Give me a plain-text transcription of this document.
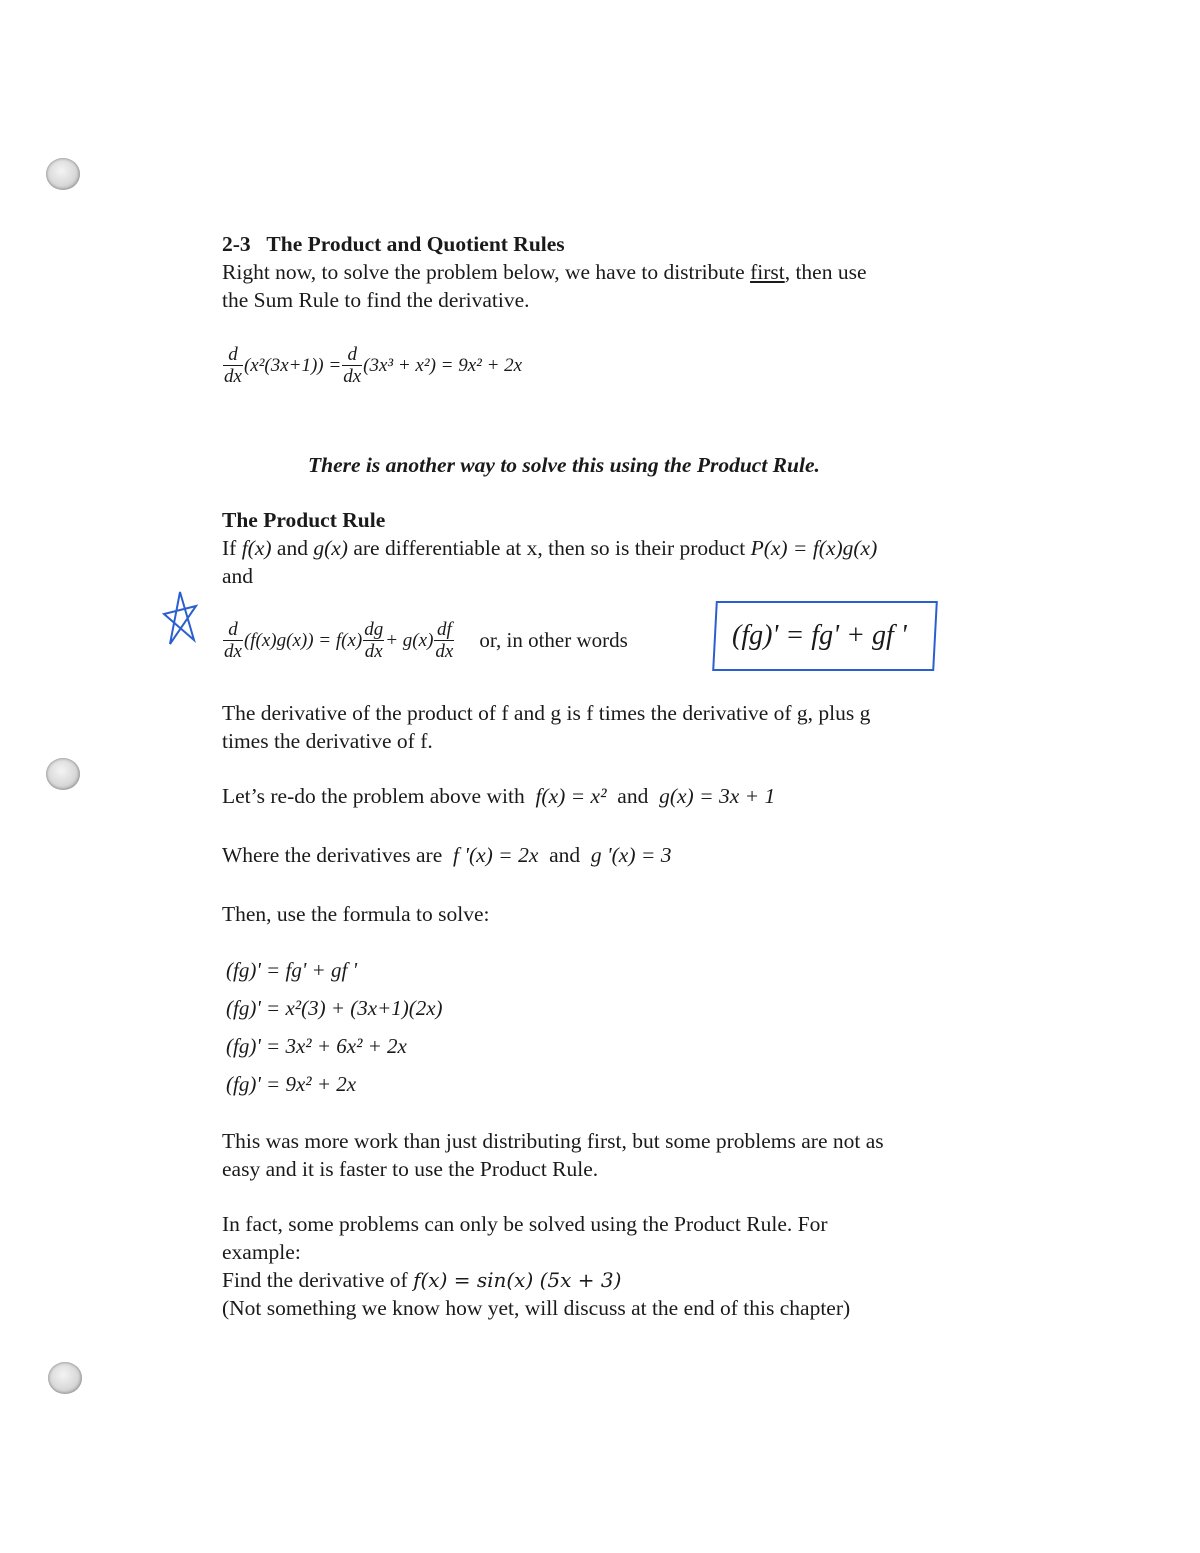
2-3 The Product and Quotient Rules
Right now, to solve the problem below, we have to distribute first, then use
the Sum Rule to find the derivative.
$\frac{d}{dx} (x^2(3x+1))$
= $\frac{d}{dx} (3x^3 + x^2)$
= 9x² + 2x
There is another way to solve this using the Product Rule.
The Product Rule
If f(x) and g(x) are differentiable at x, then so is their product P(x) = f(x)g(x)
and
$\frac{d}{dx} (f(x)g(x)) = f(x) \frac{dg}{dx} + g(x) \frac{df}{dx}$ or, in other words	(fg)' = fg' + gf '
The derivative of the product of f and g is f times the derivative of g, plus g
times the derivative of f.
Let’s re-do the problem above with f(x) = x² and g(x) = 3x + 1
Where the derivatives are f '(x) = 2x and g '(x) = 3
Then, use the formula to solve:
(fg)' = fg' + gf '
(fg)' = x²(3) + (3x+1)(2x)
(fg)' = 3x² + 6x² + 2x
(fg)' = 9x² + 2x
This was more work than just distributing first, but some problems are not as
easy and it is faster to use the Product Rule.
In fact, some problems can only be solved using the Product Rule. For
example:
Find the derivative of f(x) = sin(x) (5x + 3)
(Not something we know how yet, will discuss at the end of this chapter)
